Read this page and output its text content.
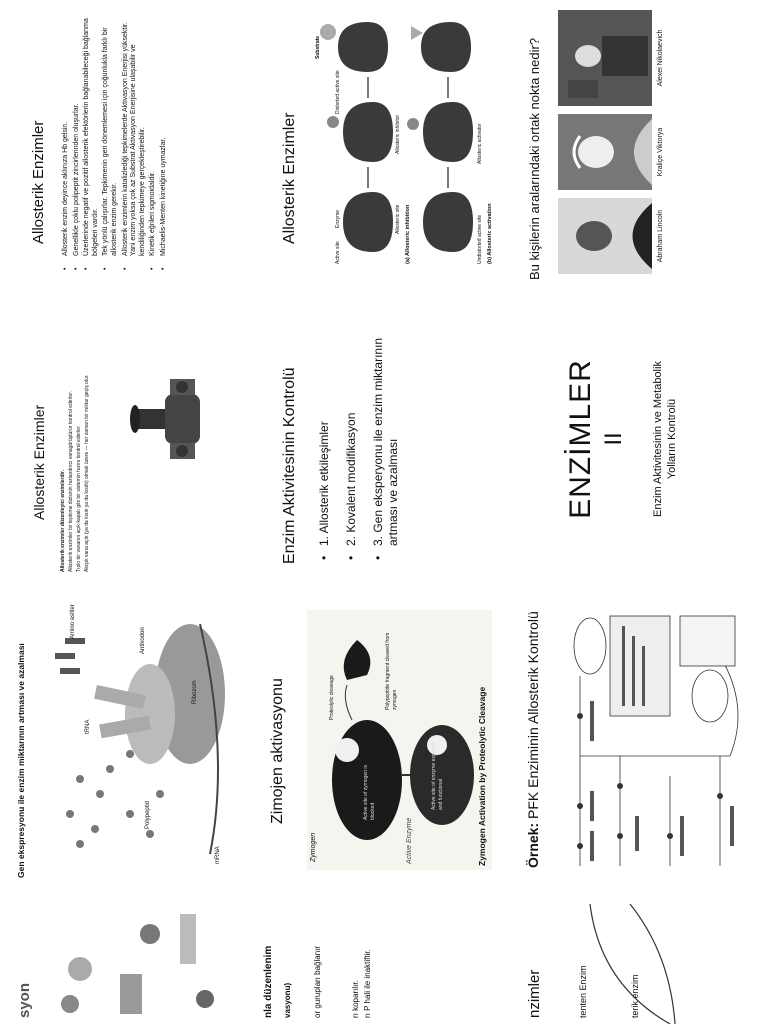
nzimler	tenten Enzim	terik enzim
nla düzenlenim vasyonu)	or gurupları bağlanır	rı koparılır. rı P hali ile inaktiftir.
syon
Örnek: PFK Enziminin Allosterik Kontrolü
Zimojen aktivasyonu
Zymogen	Active Enzyme
Proteolytic cleavage	Polypeptide fragment cleaved from zymogen
Active site of zymogen is blocked
Active site of enzyme exposed and functional	Zymogen Activation by Proteolytic Cleavage
Gen ekspresyonu ile enzim miktarının artması ve azalması	Polypeptid
Amino asitler
Antikodon
Ribozom
mRNA
tRNA
ENZİMLER II Enzim Aktivitesinin ve Metabolik Yolların Kontrolü
Enzim Aktivitesinin Kontrolü • 1. Allosterik etkileşimler • 2. Kovalent modifikasyon • 3. Gen eksperyonu ile enzim miktarının artması ve azalması
Allosterik Enzimler
Allosterik enzimler düzenleyici enzimlerdir. Allosterik enzimler bir tepkime dizisinin hızlandırıcı vanagörüştürür kontrol ederler. Tıpkı bir vananın açık-kapalı gibi bir sistemin hızını kontrol ederler. Akışık vana açık (ya da kısık ya da kısıtlı) olmak üzere — her zaman bir miktar geçiş olur.
Bu kişilerin aralarındaki ortak nokta nedir?	Abraham Lincoln
Kraliçe Viktorya
Alexei Nikolaevich
Allosterik Enzimler
Substrate
Active site
Enzyme
Distorted active site
Allosteric site
Allosteric inhibitor
(a) Allosteric inhibition	(b) Allosteric activation
Allosteric activator
Undistorted active site
Allosterik Enzimler • Allosterik enzim deyince aklınıza Hb gelsin. • Genellikle çoklu polipeptit zincirlerinden oluşurlar. • Üzerlerinde negatif ve pozitif allosterik efektörlerin bağlanabileceği bağlanma bölgeleri vardır. • Tek yönlü çalışırlar. Tepkimenin geri dönemlemesi için çoğunlukla farklı bir allosterik enzim gerekir. • Allosterik enzimlerin katalizlediği tepkimelerde Aktivasyon Enerjisi yüksektir. Yani enzim yoksa çok az Substrat Aktivasyon Enerjisine ulaşabilir ve kendiliğinden tepkimeye gerçekleştirebilir. • Kinetik eğrileri sigmoidaldir. • Michaelis-Menten kinetiğine uymazlar.
